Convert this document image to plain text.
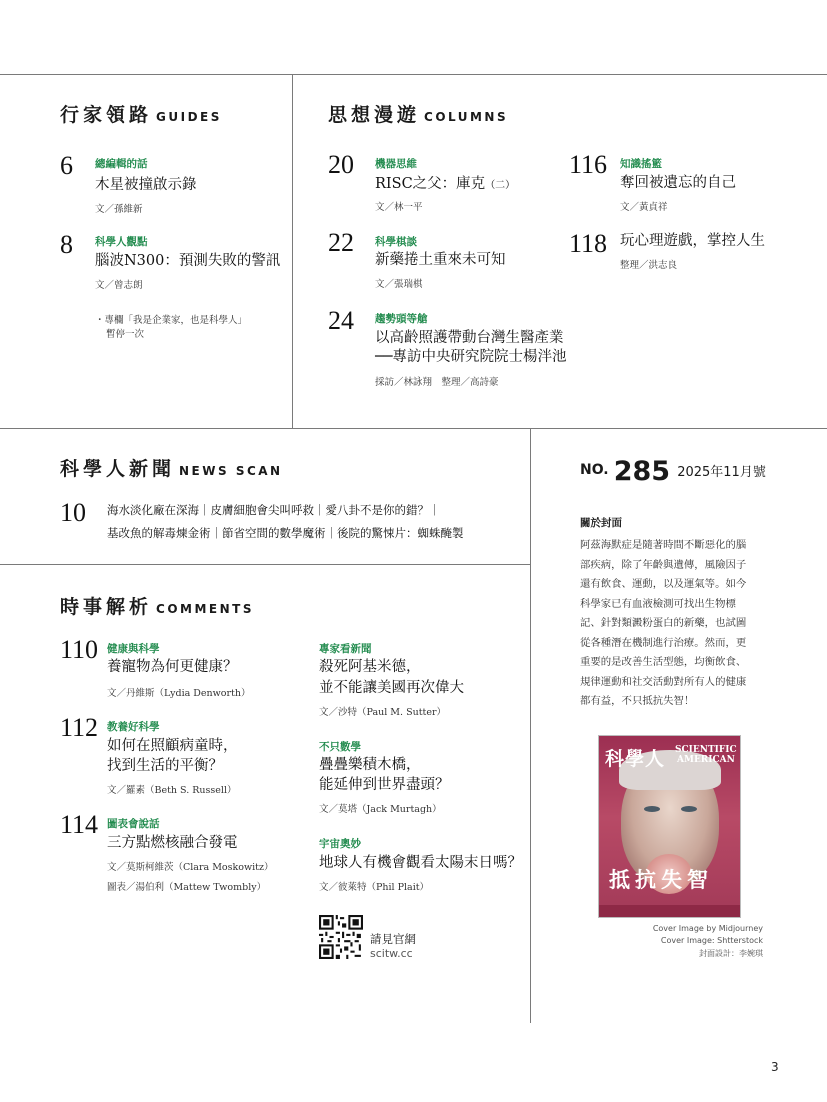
行家領路 GUIDES
6 總編輯的話
木星被撞啟示錄
文／孫維新
8 科學人觀點
腦波N300：預測失敗的警訊
文／曾志朗
・專欄「我是企業家，也是科學人」
暫停一次
思想漫遊 COLUMNS
20 機器思維
RISC之父：庫克（二）
文／林一平
22 科學棋談
新藥捲土重來未可知
文／張瑞棋
24 趨勢頭等艙
以高齡照護帶動台灣生醫產業
──專訪中央研究院院士楊泮池
採訪／林詠翔　整理／高詩豪
116 知識搖籃
奪回被遺忘的自己
文／黃貞祥
118 玩心理遊戲，掌控人生
整理／洪志良
科學人新聞 NEWS SCAN
10 海水淡化廠在深海｜皮膚細胞會尖叫呼救｜愛八卦不是你的錯？｜
基改魚的解毒煉金術｜節省空間的數學魔術｜後院的驚悚片：蜘蛛醃製
時事解析 COMMENTS
110 健康與科學
養寵物為何更健康？
文／丹維斯（Lydia Denworth）
112 教養好科學
如何在照顧病童時，
找到生活的平衡？
文／羅素（Beth S. Russell）
114 圖表會說話
三方點燃核融合發電
文／莫斯柯維茨（Clara Moskowitz）
圖表／湯伯利（Mattew Twombly）
專家看新聞
殺死阿基米德，
並不能讓美國再次偉大
文／沙特（Paul M. Sutter）
不只數學
疊疊樂積木橋，
能延伸到世界盡頭？
文／莫塔（Jack Murtagh）
宇宙奧妙
地球人有機會觀看太陽末日嗎？
文／彼萊特（Phil Plait）
請見官網
scitw.cc
NO. 285 $^{2025年11月號}$
關於封面
阿茲海默症是隨著時間不斷惡化的腦
部疾病，除了年齡與遺傳，風險因子
還有飲食、運動，以及運氣等。如今
科學家已有血液檢測可找出生物標
記、針對類澱粉蛋白的新藥，也試圖
從各種潛在機制進行治療。然而，更
重要的是改善生活型態，均衡飲食、
規律運動和社交活動對所有人的健康
都有益，不只抵抗失智！
科學人 SCIENTIFIC
AMERICAN
抵抗失智
Cover Image by Midjourney
Cover Image: Shtterstock
封面設計：李婉琪
3
